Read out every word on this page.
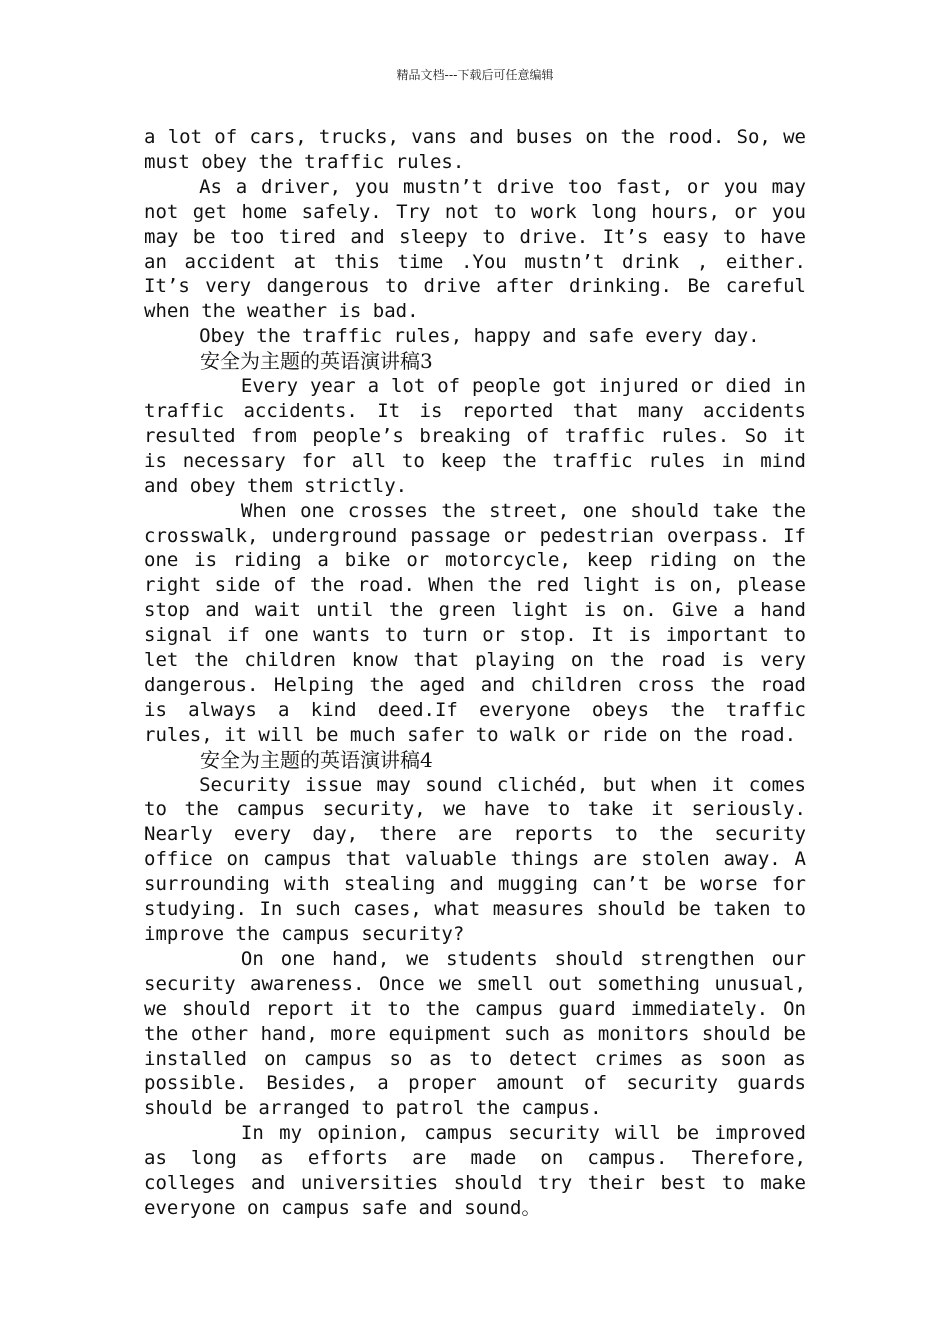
精品文档---下载后可任意编辑

a lot of cars, trucks, vans and buses on the rood. So, we must obey the traffic rules.

As a driver, you mustn’t drive too fast, or you may not get home safely. Try not to work long hours, or you may be too tired and sleepy to drive. It’s easy to have an accident at this time .You mustn’t drink , either. It’s very dangerous to drive after drinking. Be careful when the weather is bad.

Obey the traffic rules, happy and safe every day.

安全为主题的英语演讲稿3

Every year a lot of people got injured or died in traffic accidents. It is reported that many accidents resulted from people’s breaking of traffic rules. So it is necessary for all to keep the traffic rules in mind and obey them strictly.

When one crosses the street, one should take the crosswalk, underground passage or pedestrian overpass. If one is riding a bike or motorcycle, keep riding on the right side of the road. When the red light is on, please stop and wait until the green light is on. Give a hand signal if one wants to turn or stop. It is important to let the children know that playing on the road is very dangerous. Helping the aged and children cross the road is always a kind deed.If everyone obeys the traffic rules, it will be much safer to walk or ride on the road.

安全为主题的英语演讲稿4

Security issue may sound clichéd, but when it comes to the campus security, we have to take it seriously. Nearly every day, there are reports to the security office on campus that valuable things are stolen away. A surrounding with stealing and mugging can’t be worse for studying. In such cases, what measures should be taken to improve the campus security?

On one hand, we students should strengthen our security awareness. Once we smell out something unusual, we should report it to the campus guard immediately. On the other hand, more equipment such as monitors should be installed on campus so as to detect crimes as soon as possible. Besides, a proper amount of security guards should be arranged to patrol the campus.

In my opinion, campus security will be improved as long as efforts are made on campus. Therefore, colleges and universities should try their best to make everyone on campus safe and sound。
